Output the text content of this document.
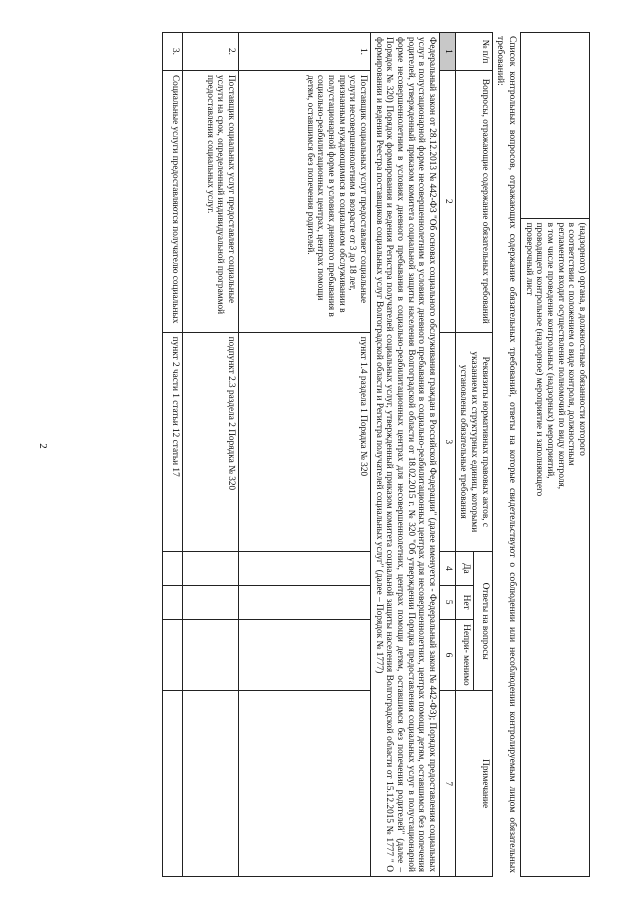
2
		(надзорного) органа, в должностные обязанности которого
в соответствии с положением о виде контроля, должностным
регламентом входит осуществление полномочий по виду контроля,
в том числе проведение контрольных (надзорных) мероприятий,
проводящего контрольное (надзорное) мероприятие и заполняющего
проверочный лист
Список контрольных вопросов, отражающих содержание обязательных требований, ответы на которые свидетельствуют о соблюдении или несоблюдении контролируемым лицом обязательных требований:
№ п/п	Вопросы, отражающие содержание обязательных требований	Реквизиты нормативных правовых актов, с указанием их структурных единиц, которыми установлены обязательные требования	Ответы на вопросы			Примечание
			Да	Нет	Непри- менимо	
1	2	3	4	5	6	7
Федеральный закон от 28.12.2013 № 442-ФЗ "Об основах социального обслуживания граждан в Российской Федерации" (далее именуется - Федеральный закон № 442-ФЗ); Порядок предоставления социальных услуг в полустационарной форме несовершеннолетним в условиях дневного пребывания в социально-реабилитационных центрах для несовершеннолетних, центрах помощи детям, оставшимся без попечения родителей, утвержденный приказом комитета социальной защиты населения Волгоградской области от 18.02.2015 г. № 320 "Об утверждении Порядка предоставления социальных услуг в полустационарной форме несовершеннолетним в условиях дневного пребывания в социально-реабилитационных центрах для несовершеннолетних, центрах помощи детям, оставшимся без попечения родителей" (далее – Порядок № 320) Порядок формирования и ведения Регистра получателей социальных услуг, утвержденный приказом комитета социальной защиты населения Волгоградской области от 15.12.2015 № 1777 " О формировании и ведении Реестра поставщиков социальных услуг Волгоградской области и Регистра получателей социальных услуг" (далее – Порядок № 1777)						
1.	Поставщик социальных услуг предоставляет социальные услуги несовершеннолетним в возрасте от 3 до 18 лет, признанным нуждающимися в социальном обслуживании в полустационарной форме в условиях дневного пребывания в социально-реабилитационных центрах, центрах помощи детям, оставшимся без попечения родителей.	пункт 1.4 раздела 1 Порядка № 320				
2.	Поставщик социальных услуг предоставляет социальные услуги на срок, определенный индивидуальной программой предоставления социальных услуг.	подпункт 2.3 раздела 2 Порядка № 320				
3.	Социальные услуги предоставляются получателю социальных	пункт 2 части 1 статьи 12 статьи 17				
